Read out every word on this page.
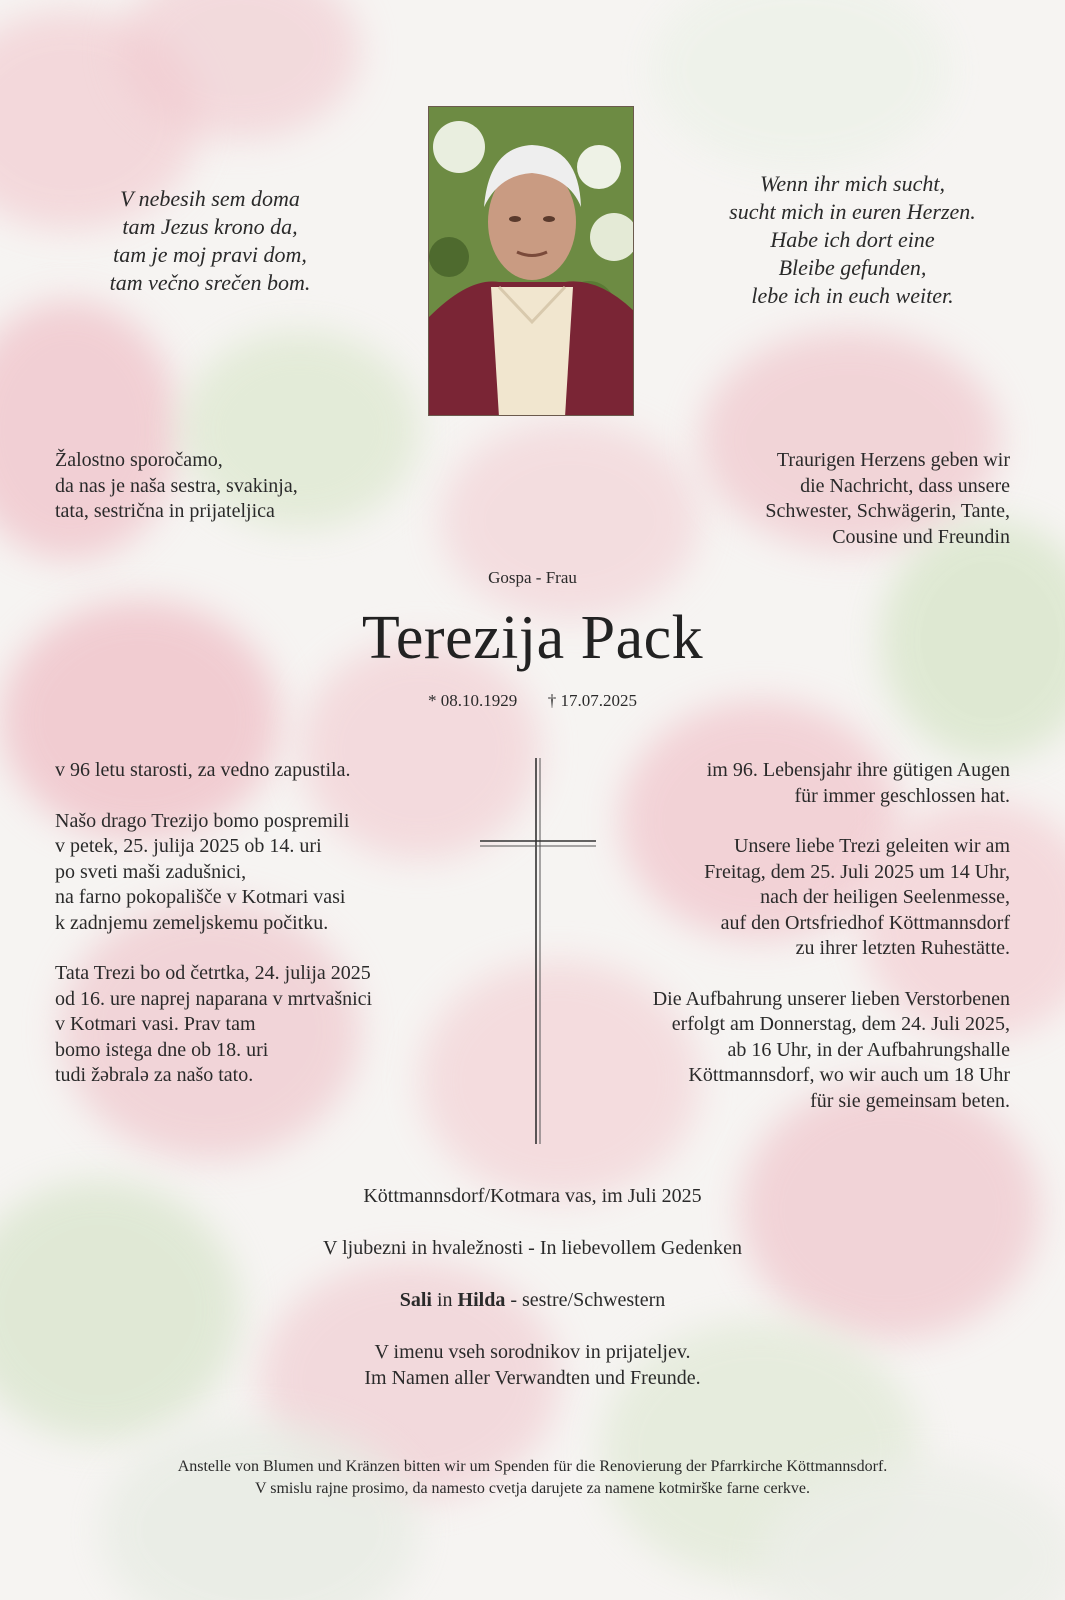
V nebesih sem doma
tam Jezus krono da,
tam je moj pravi dom,
tam večno srečen bom.
Wenn ihr mich sucht,
sucht mich in euren Herzen.
Habe ich dort eine
Bleibe gefunden,
lebe ich in euch weiter.
Žalostno sporočamo,
da nas je naša sestra, svakinja,
tata, sestrična in prijateljica
Traurigen Herzens geben wir
die Nachricht, dass unsere
Schwester, Schwägerin, Tante,
Cousine und Freundin
Gospa - Frau
Terezija Pack
* 08.10.1929 † 17.07.2025
v 96 letu starosti, za vedno zapustila.
Našo drago Trezijo bomo pospremili
v petek, 25. julija 2025 ob 14. uri
po sveti maši zadušnici,
na farno pokopališče v Kotmari vasi
k zadnjemu zemeljskemu počitku.
Tata Trezi bo od četrtka, 24. julija 2025
od 16. ure naprej naparana v mrtvašnici
v Kotmari vasi. Prav tam
bomo istega dne ob 18. uri
tudi žəbralə za našo tato.
im 96. Lebensjahr ihre gütigen Augen
für immer geschlossen hat.
Unsere liebe Trezi geleiten wir am
Freitag, dem 25. Juli 2025 um 14 Uhr,
nach der heiligen Seelenmesse,
auf den Ortsfriedhof Köttmannsdorf
zu ihrer letzten Ruhestätte.
Die Aufbahrung unserer lieben Verstorbenen
erfolgt am Donnerstag, dem 24. Juli 2025,
ab 16 Uhr, in der Aufbahrungshalle
Köttmannsdorf, wo wir auch um 18 Uhr
für sie gemeinsam beten.
Köttmannsdorf/Kotmara vas, im Juli 2025
V ljubezni in hvaležnosti - In liebevollem Gedenken
Sali in Hilda - sestre/Schwestern
V imenu vseh sorodnikov in prijateljev.
Im Namen aller Verwandten und Freunde.
Anstelle von Blumen und Kränzen bitten wir um Spenden für die Renovierung der Pfarrkirche Köttmannsdorf.
V smislu rajne prosimo, da namesto cvetja darujete za namene kotmirške farne cerkve.
